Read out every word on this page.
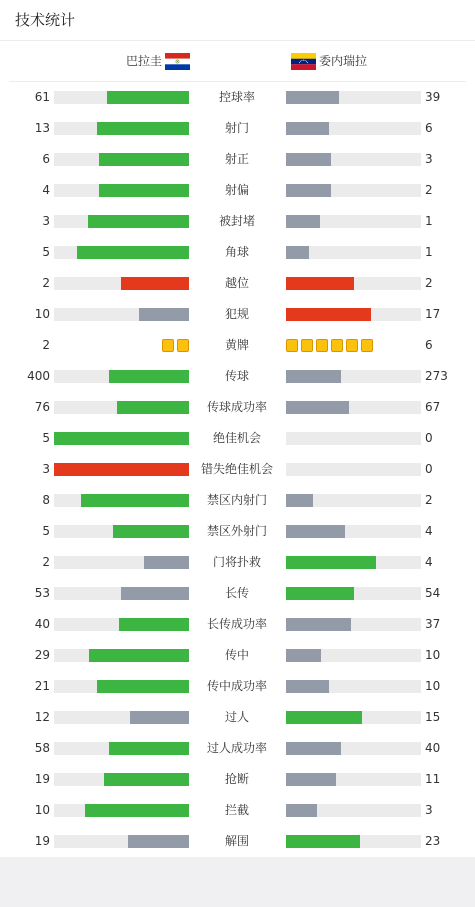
技术统计
巴拉圭	委内瑞拉
61	控球率	39
13	射门	6
6	射正	3
4	射偏	2
3	被封堵	1
5	角球	1
2	越位	2
10	犯规	17
2	黄牌	6
400	传球	273
76	传球成功率	67
5	绝佳机会	0
3	错失绝佳机会	0
8	禁区内射门	2
5	禁区外射门	4
2	门将扑救	4
53	长传	54
40	长传成功率	37
29	传中	10
21	传中成功率	10
12	过人	15
58	过人成功率	40
19	抢断	11
10	拦截	3
19	解围	23
